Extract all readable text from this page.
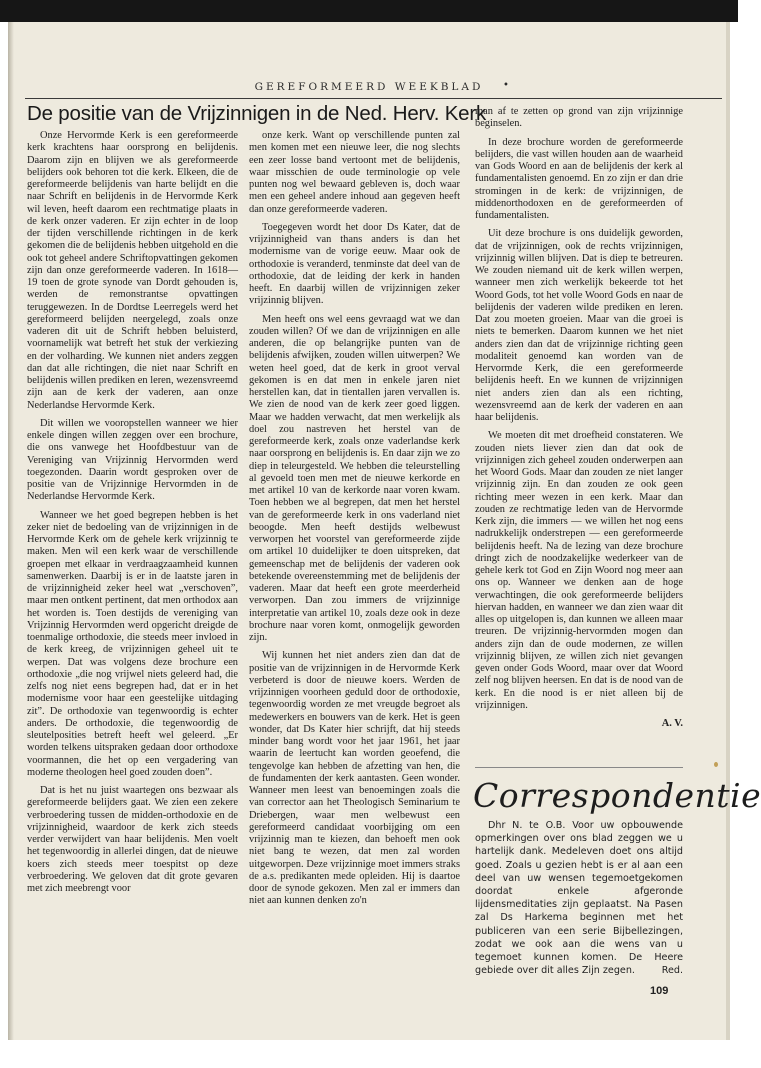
GEREFORMEERD WEEKBLAD	•
De positie van de Vrijzinnigen in de Ned. Herv. Kerk

Onze Hervormde Kerk is een gereformeerde kerk krachtens haar oorsprong en belijdenis. Daarom zijn en blijven we als gereformeerde belijders ook behoren tot die kerk. Elkeen, die de gereformeerde belijdenis van harte belijdt en die naar Schrift en belijdenis in de Hervormde Kerk wil leven, heeft daarom een rechtmatige plaats in de kerk onzer vaderen. Er zijn echter in de loop der tijden verschillende richtingen in de kerk gekomen die de belijdenis hebben uitgehold en die ook tot geheel andere Schriftopvattingen gekomen zijn dan onze gereformeerde vaderen. In 1618—19 toen de grote synode van Dordt gehouden is, werden de remonstrantse opvattingen teruggewezen. In de Dordtse Leerregels werd het gereformeerd belijden neergelegd, zoals onze vaderen dit uit de Schrift hebben beluisterd, voornamelijk wat betreft het stuk der verkiezing en der volharding. We kunnen niet anders zeggen dan dat alle richtingen, die niet naar Schrift en belijdenis willen prediken en leren, wezensvreemd zijn aan de kerk der vaderen, aan onze Nederlandse Hervormde Kerk.

Dit willen we vooropstellen wanneer we hier enkele dingen willen zeggen over een brochure, die ons vanwege het Hoofdbestuur van de Vereniging van Vrijzinnig Hervormden werd toegezonden. Daarin wordt gesproken over de positie van de Vrijzinnige Hervormden in de Nederlandse Hervormde Kerk.

Wanneer we het goed begrepen hebben is het zeker niet de bedoeling van de vrijzinnigen in de Hervormde Kerk om de gehele kerk vrijzinnig te maken. Men wil een kerk waar de verschillende groepen met elkaar in verdraagzaamheid kunnen samenwerken. Daarbij is er in de laatste jaren in de vrijzinnigheid zeker heel wat „verschoven”, maar men ontkent pertinent, dat men orthodox aan het worden is. Toen destijds de vereniging van Vrijzinnig Hervormden werd opgericht dreigde de toenmalige orthodoxie, die steeds meer invloed in de kerk kreeg, de vrijzinnigen geheel uit te werpen. Dat was volgens deze brochure een orthodoxie „die nog vrijwel niets geleerd had, die zelfs nog niet eens begrepen had, dat er in het modernisme voor haar een geestelijke uitdaging zit”. De orthodoxie van tegenwoordig is echter anders. De orthodoxie, die tegenwoordig de sleutelposities betreft heeft wel geleerd. „Er worden telkens uitspraken gedaan door orthodoxe voormannen, die het op een vergadering van moderne theologen heel goed zouden doen”.

Dat is het nu juist waartegen ons bezwaar als gereformeerde belijders gaat. We zien een zekere verbroedering tussen de midden-orthodoxie en de vrijzinnigheid, waardoor de kerk zich steeds verder verwijdert van haar belijdenis. Men voelt het tegenwoordig in allerlei dingen, dat de nieuwe koers zich steeds meer toespitst op deze verbroedering. We geloven dat dit grote gevaren met zich meebrengt voor

onze kerk. Want op verschillende punten zal men komen met een nieuwe leer, die nog slechts een zeer losse band vertoont met de belijdenis, waar misschien de oude terminologie op vele punten nog wel bewaard gebleven is, doch waar men een geheel andere inhoud aan gegeven heeft dan onze gereformeerde vaderen.

Toegegeven wordt het door Ds Kater, dat de vrijzinnigheid van thans anders is dan het modernisme van de vorige eeuw. Maar ook de orthodoxie is veranderd, tenminste dat deel van de orthodoxie, dat de leiding der kerk in handen heeft. En daarbij willen de vrijzinnigen zeker vrijzinnig blijven.

Men heeft ons wel eens gevraagd wat we dan zouden willen? Of we dan de vrijzinnigen en alle anderen, die op belangrijke punten van de belijdenis afwijken, zouden willen uitwerpen? We weten heel goed, dat de kerk in groot verval gekomen is en dat men in enkele jaren niet herstellen kan, dat in tientallen jaren vervallen is. We zien de nood van de kerk zeer goed liggen. Maar we hadden verwacht, dat men werkelijk als doel zou nastreven het herstel van de gereformeerde kerk, zoals onze vaderlandse kerk naar oorsprong en belijdenis is. En daar zijn we zo diep in teleurgesteld. We hebben die teleurstelling al gevoeld toen men met de nieuwe kerkorde en met artikel 10 van de kerkorde naar voren kwam. Toen hebben we al begrepen, dat men het herstel van de gereformeerde kerk in ons vaderland niet beoogde. Men heeft destijds welbewust verworpen het voorstel van gereformeerde zijde om artikel 10 duidelijker te doen uitspreken, dat gemeenschap met de belijdenis der vaderen ook betekende overeenstemming met de belijdenis der vaderen. Maar dat heeft een grote meerderheid verworpen. Dan zou immers de vrijzinnige interpretatie van artikel 10, zoals deze ook in deze brochure naar voren komt, onmogelijk geworden zijn.

Wij kunnen het niet anders zien dan dat de positie van de vrijzinnigen in de Hervormde Kerk verbeterd is door de nieuwe koers. Werden de vrijzinnigen voorheen geduld door de orthodoxie, tegenwoordig worden ze met vreugde begroet als medewerkers en bouwers van de kerk. Het is geen wonder, dat Ds Kater hier schrijft, dat hij steeds minder bang wordt voor het jaar 1961, het jaar waarin de leertucht kan worden geoefend, die tengevolge kan hebben de afzetting van hen, die de fundamenten der kerk aantasten. Geen wonder. Wanneer men leest van benoemingen zoals die van corrector aan het Theologisch Seminarium te Driebergen, waar men welbewust een gereformeerd candidaat voorbijging om een vrijzinnig man te kiezen, dan behoeft men ook niet bang te wezen, dat men zal worden uitgeworpen. Deze vrijzinnige moet immers straks de a.s. predikanten mede opleiden. Hij is daartoe door de synode gekozen. Men zal er immers dan niet aan kunnen denken zo'n

man af te zetten op grond van zijn vrijzinnige beginselen.

In deze brochure worden de gereformeerde belijders, die vast willen houden aan de waarheid van Gods Woord en aan de belijdenis der kerk al fundamentalisten genoemd. En zo zijn er dan drie stromingen in de kerk: de vrijzinnigen, de middenorthodoxen en de gereformeerden of fundamentalisten.

Uit deze brochure is ons duidelijk geworden, dat de vrijzinnigen, ook de rechts vrijzinnigen, vrijzinnig willen blijven. Dat is diep te betreuren. We zouden niemand uit de kerk willen werpen, wanneer men zich werkelijk bekeerde tot het Woord Gods, tot het volle Woord Gods en naar de belijdenis der vaderen wilde prediken en leren. Dat zou moeten groeien. Maar van die groei is niets te bemerken. Daarom kunnen we het niet anders zien dan dat de vrijzinnige richting geen modaliteit genoemd kan worden van de Hervormde Kerk, die een gereformeerde belijdenis heeft. En we kunnen de vrijzinnigen niet anders zien dan als een richting, wezensvreemd aan de kerk der vaderen en aan haar belijdenis.

We moeten dit met droefheid constateren. We zouden niets liever zien dan dat ook de vrijzinnigen zich geheel zouden onderwerpen aan het Woord Gods. Maar dan zouden ze niet langer vrijzinnig zijn. En dan zouden ze ook geen richting meer wezen in een kerk. Maar dan zouden ze rechtmatige leden van de Hervormde Kerk zijn, die immers — we willen het nog eens nadrukkelijk onderstrepen — een gereformeerde belijdenis heeft. Na de lezing van deze brochure dringt zich de noodzakelijke wederkeer van de gehele kerk tot God en Zijn Woord nog meer aan ons op. Wanneer we denken aan de hoge verwachtingen, die ook gereformeerde belijders hiervan hadden, en wanneer we dan zien waar dit alles op uitgelopen is, dan kunnen we alleen maar treuren. De vrijzinnig-hervormden mogen dan anders zijn dan de oude modernen, ze willen vrijzinnig blijven, ze willen zich niet gevangen geven onder Gods Woord, maar over dat Woord zelf nog blijven heersen. En dat is de nood van de kerk. En die nood is er niet alleen bij de vrijzinnigen.

A. V.

Correspondentie

Dhr N. te O.B. Voor uw opbouwende opmerkingen over ons blad zeggen we u hartelijk dank. Medeleven doet ons altijd goed. Zoals u gezien hebt is er al aan een deel van uw wensen tegemoetgekomen doordat enkele afgeronde lijdensmeditaties zijn geplaatst. Na Pasen zal Ds Harkema beginnen met het publiceren van een serie Bijbellezingen, zodat we ook aan die wens van u tegemoet kunnen komen. De Heere gebiede over dit alles Zijn zegen.	Red.

109
